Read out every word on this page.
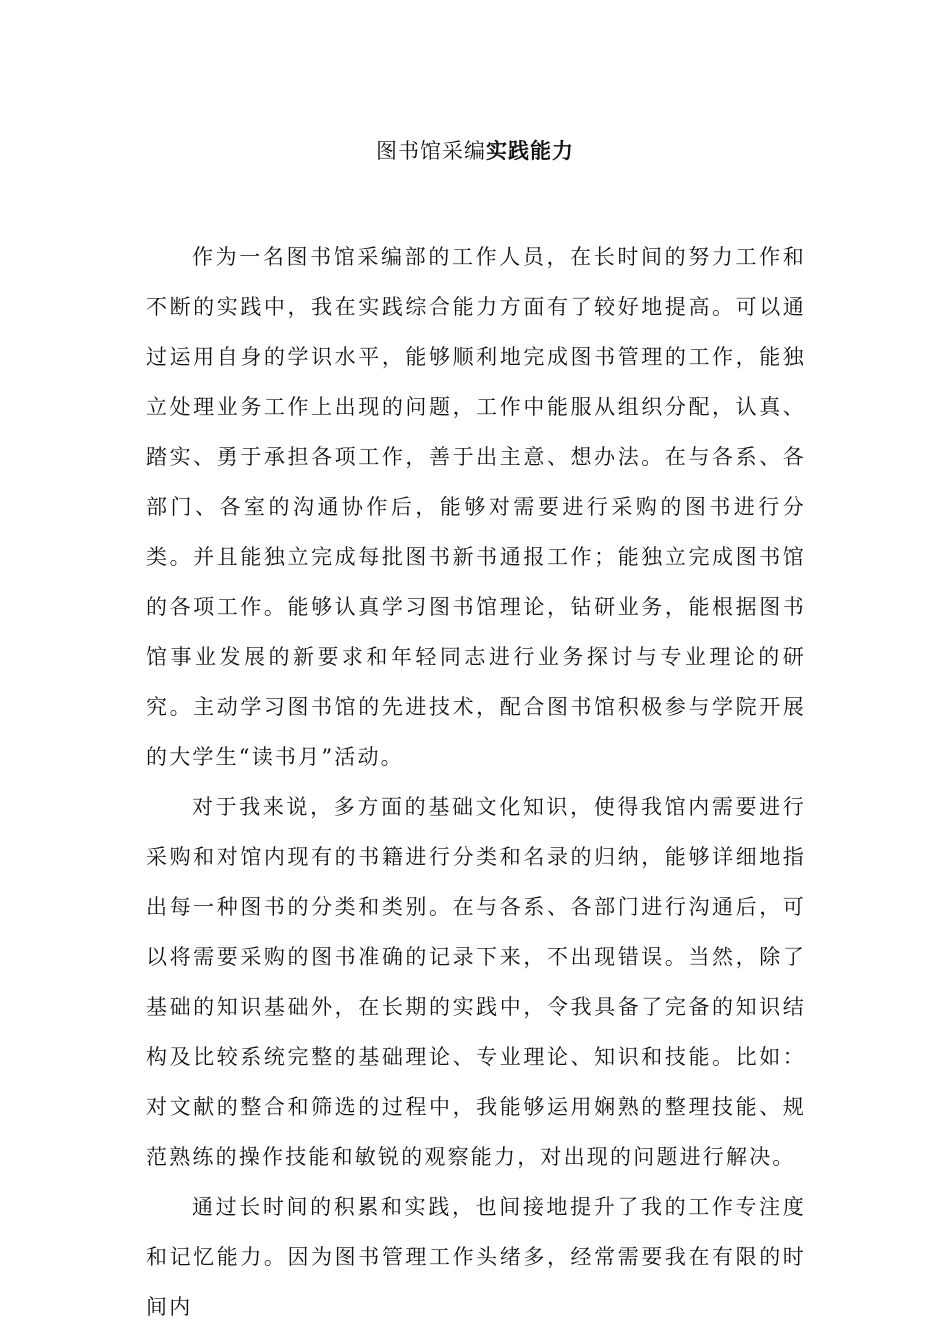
图书馆采编实践能力

作为一名图书馆采编部的工作人员，在长时间的努力工作和不断的实践中，我在实践综合能力方面有了较好地提高。可以通过运用自身的学识水平，能够顺利地完成图书管理的工作，能独立处理业务工作上出现的问题，工作中能服从组织分配，认真、踏实、勇于承担各项工作，善于出主意、想办法。在与各系、各部门、各室的沟通协作后，能够对需要进行采购的图书进行分类。并且能独立完成每批图书新书通报工作；能独立完成图书馆的各项工作。能够认真学习图书馆理论，钻研业务，能根据图书馆事业发展的新要求和年轻同志进行业务探讨与专业理论的研究。主动学习图书馆的先进技术，配合图书馆积极参与学院开展的大学生“读书月”活动。

对于我来说，多方面的基础文化知识，使得我馆内需要进行采购和对馆内现有的书籍进行分类和名录的归纳，能够详细地指出每一种图书的分类和类别。在与各系、各部门进行沟通后，可以将需要采购的图书准确的记录下来，不出现错误。当然，除了基础的知识基础外，在长期的实践中，令我具备了完备的知识结构及比较系统完整的基础理论、专业理论、知识和技能。比如：对文献的整合和筛选的过程中，我能够运用娴熟的整理技能、规范熟练的操作技能和敏锐的观察能力，对出现的问题进行解决。

通过长时间的积累和实践，也间接地提升了我的工作专注度和记忆能力。因为图书管理工作头绪多，经常需要我在有限的时间内
